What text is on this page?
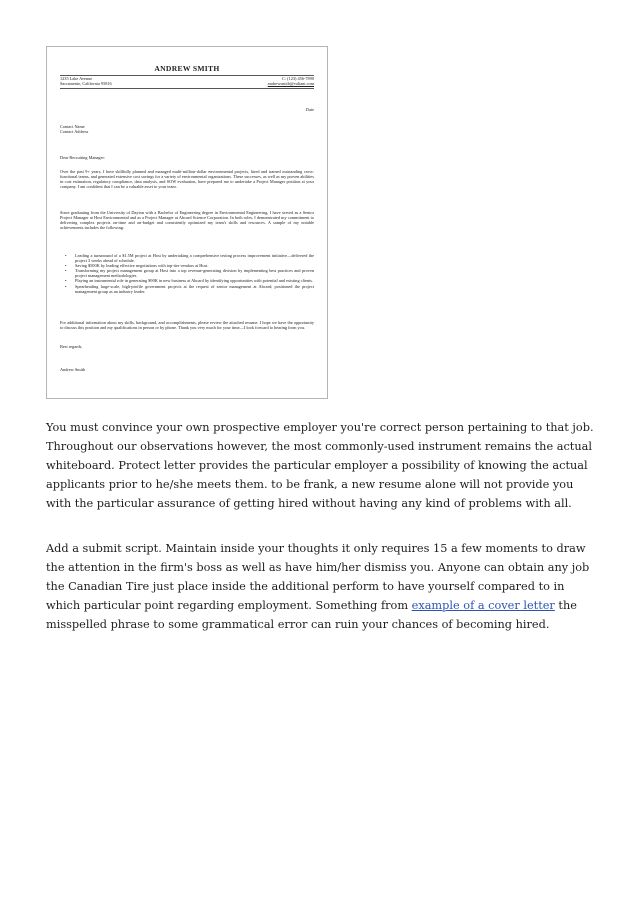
ANDREW SMITH
1235 Lake Avenue	C: (123) 456-7890
Sacramento, California 95816	andrewsmith@valiant.com
Date
Contact Name
Contact Address
Dear Recruiting Manager:
Over the past 9+ years, I have skillfully planned and managed multi-million-dollar environmental projects, hired and trained outstanding cross-functional teams, and generated extensive cost savings for a variety of environmental organizations. These successes, as well as my proven abilities in cost estimation, regulatory compliance, data analysis, and SOW evaluation, have prepared me to undertake a Project Manager position at your company. I am confident that I can be a valuable asset to your team.
Since graduating from the University of Dayton with a Bachelor of Engineering degree in Environmental Engineering, I have served as a Senior Project Manager at Host Environmental and as a Project Manager at Abcard Science Corporation. In both roles, I demonstrated my commitment to delivering complex projects on-time and on-budget and consistently optimized my team's skills and resources. A sample of my notable achievements includes the following:
• Leading a turnaround of a $1.5M project at Host by undertaking a comprehensive testing process improvement initiative—delivered the project 3 weeks ahead of schedule.
• Saving $500K by leading effective negotiations with top-tier vendors at Host.
• Transforming my project management group at Host into a top revenue-generating division by implementing best practices and proven project management methodologies.
• Playing an instrumental role in generating $90K in new business at Abcard by identifying opportunities with potential and existing clients.
• Spearheading large-scale, high-profile government projects at the request of senior management at Abcard; positioned the project management group as an industry leader.
For additional information about my skills, background, and accomplishments, please review the attached resume. I hope we have the opportunity to discuss this position and my qualifications in person or by phone. Thank you very much for your time—I look forward to hearing from you.
Best regards,
Andrew Smith

You must convince your own prospective employer you're correct person pertaining to that job. Throughout our observations however, the most commonly-used instrument remains the actual whiteboard. Protect letter provides the particular employer a possibility of knowing the actual applicants prior to he/she meets them. to be frank, a new resume alone will not provide you with the particular assurance of getting hired without having any kind of problems with all.

Add a submit script. Maintain inside your thoughts it only requires 15 a few moments to draw the attention in the firm's boss as well as have him/her dismiss you. Anyone can obtain any job the Canadian Tire just place inside the additional perform to have yourself compared to in which particular point regarding employment. Something from example of a cover letter the misspelled phrase to some grammatical error can ruin your chances of becoming hired.
